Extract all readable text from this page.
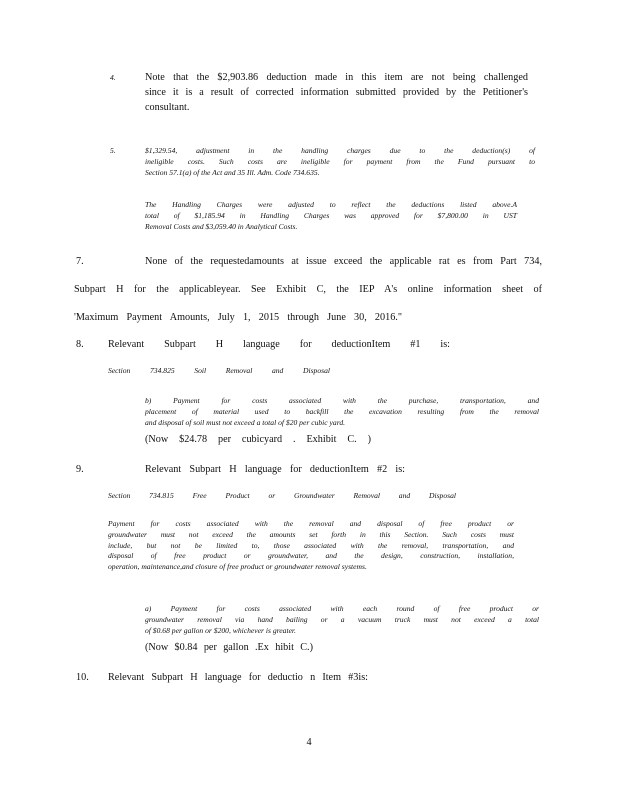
4.	Note that the $2,903.86 deduction made in this item are not being challenged
since it is a result of corrected information submitted provided by the Petitioner's
consultant.
5.	$1,329.54, adjustment in the handling charges due to the deduction(s) of
ineligible costs. Such costs are ineligible for payment from the Fund pursuant to
Section 57.1(a) of the Act and 35 Ill. Adm. Code 734.635.
The Handling Charges were adjusted to reflect the deductions listed above.A
total of $1,185.94 in Handling Charges was approved for $7,800.00 in UST
Removal Costs and $3,059.40 in Analytical Costs.
7.	None of the requestedamounts at issue exceed the applicable rat es from Part 734,
Subpart H for the applicableyear. See Exhibit C, the IEP A's online information sheet of
'Maximum Payment Amounts, July 1, 2015 through June 30, 2016."
8. Relevant Subpart H language for deductionItem #1 is:
Section 734.825 Soil Removal and Disposal
b) Payment for costs associated with the purchase, transportation, and
placement of material used to backfill the excavation resulting from the removal
and disposal of soil must not exceed a total of $20 per cubic yard.
(Now $24.78 per cubicyard . Exhibit C. )
9.	Relevant Subpart H language for deductionItem #2 is:
Section 734.815 Free Product or Groundwater Removal and Disposal
Payment for costs associated with the removal and disposal of free product or
groundwater must not exceed the amounts set forth in this Section. Such costs must
include, but not be limited to, those associated with the removal, transportation, and
disposal of free product or groundwater, and the design, construction, installation,
operation, maintenance,and closure of free product or groundwater removal systems.
a) Payment for costs associated with each round of free product or
groundwater removal via hand bailing or a vacuum truck must not exceed a total
of $0.68 per gallon or $200, whichever is greater.
(Now $0.84 per gallon .Ex hibit C.)
10. Relevant Subpart H language for deductio n Item #3is:
4
